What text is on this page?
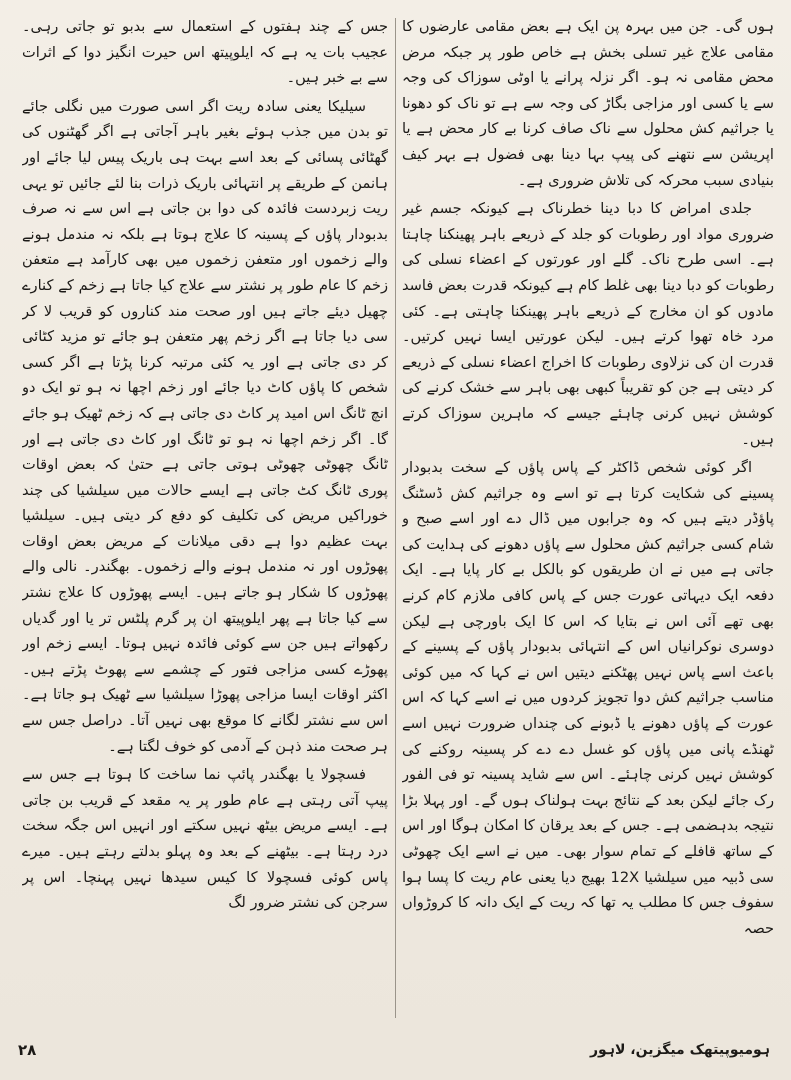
ہوں گی۔ جن میں بہرہ پن ایک ہے بعض مقامی عارضوں کا مقامی علاج غیر تسلی بخش ہے خاص طور پر جبکہ مرض محض مقامی نہ ہو۔ اگر نزلہ پرانے یا اوٹی سوزاک کی وجہ سے یا کسی اور مزاجی بگاڑ کی وجہ سے ہے تو ناک کو دھونا یا جراثیم کش محلول سے ناک صاف کرنا بے کار محض ہے یا اپریشن سے نتھنے کی پیپ بہا دینا بھی فضول ہے بہر کیف بنیادی سبب محرکہ کی تلاش ضروری ہے۔

جلدی امراض کا دبا دینا خطرناک ہے کیونکہ جسم غیر ضروری مواد اور رطوبات کو جلد کے ذریعے باہر پھینکنا چاہتا ہے۔ اسی طرح ناک۔ گلے اور عورتوں کے اعضاء نسلی کی رطوبات کو دبا دینا بھی غلط کام ہے کیونکہ قدرت بعض فاسد مادوں کو ان مخارج کے ذریعے باہر پھینکنا چاہتی ہے۔ کئی مرد خاہ تھوا کرتے ہیں۔ لیکن عورتیں ایسا نہیں کرتیں۔ قدرت ان کی نزلاوی رطوبات کا اخراج اعضاء نسلی کے ذریعے کر دیتی ہے جن کو تقریباً کبھی بھی باہر سے خشک کرنے کی کوشش نہیں کرنی چاہئے جیسے کہ ماہرین سوزاک کرتے ہیں۔

اگر کوئی شخص ڈاکٹر کے پاس پاؤں کے سخت بدبودار پسینے کی شکایت کرتا ہے تو اسے وہ جراثیم کش ڈسٹنگ پاؤڈر دیتے ہیں کہ وہ جرابوں میں ڈال دے اور اسے صبح و شام کسی جراثیم کش محلول سے پاؤں دھونے کی ہدایت کی جاتی ہے میں نے ان طریقوں کو بالکل بے کار پایا ہے۔ ایک دفعہ ایک دیہاتی عورت جس کے پاس کافی ملازم کام کرنے بھی تھے آئی اس نے بتایا کہ اس کا ایک باورچی ہے لیکن دوسری نوکرانیاں اس کے انتہائی بدبودار پاؤں کے پسینے کے باعث اسے پاس نہیں پھٹکنے دیتیں اس نے کہا کہ میں کوئی مناسب جراثیم کش دوا تجویز کردوں میں نے اسے کہا کہ اس عورت کے پاؤں دھونے یا ڈبونے کی چنداں ضرورت نہیں اسے ٹھنڈے پانی میں پاؤں کو غسل دے دے کر پسینہ روکنے کی کوشش نہیں کرنی چاہئے۔ اس سے شاید پسینہ تو فی الفور رک جائے لیکن بعد کے نتائج بہت ہولناک ہوں گے۔ اور پہلا بڑا نتیجہ بدہضمی ہے۔ جس کے بعد یرقان کا امکان ہوگا اور اس کے ساتھ قافلے کے تمام سوار بھی۔ میں نے اسے ایک چھوٹی سی ڈبیہ میں سیلشیا 12X بھیج دیا یعنی عام ریت کا پسا ہوا سفوف جس کا مطلب یہ تھا کہ ریت کے ایک دانہ کا کروڑواں حصہ

جس کے چند ہفتوں کے استعمال سے بدبو تو جاتی رہی۔ عجیب بات یہ ہے کہ ایلوپیتھ اس حیرت انگیز دوا کے اثرات سے بے خبر ہیں۔

سیلیکا یعنی سادہ ریت اگر اسی صورت میں نگلی جائے تو بدن میں جذب ہوئے بغیر باہر آجاتی ہے اگر گھٹنوں کی گھٹائی پسائی کے بعد اسے بہت ہی باریک پیس لیا جائے اور ہانمن کے طریقے پر انتہائی باریک ذرات بنا لئے جائیں تو یہی ریت زبردست فائدہ کی دوا بن جاتی ہے اس سے نہ صرف بدبودار پاؤں کے پسینہ کا علاج ہوتا ہے بلکہ نہ مندمل ہونے والے زخموں اور متعفن زخموں میں بھی کارآمد ہے متعفن زخم کا عام طور پر نشتر سے علاج کیا جاتا ہے زخم کے کنارے چھیل دیئے جاتے ہیں اور صحت مند کناروں کو قریب لا کر سی دیا جاتا ہے اگر زخم پھر متعفن ہو جائے تو مزید کٹائی کر دی جاتی ہے اور یہ کئی مرتبہ کرنا پڑتا ہے اگر کسی شخص کا پاؤں کاٹ دیا جائے اور زخم اچھا نہ ہو تو ایک دو انچ ٹانگ اس امید پر کاٹ دی جاتی ہے کہ زخم ٹھیک ہو جائے گا۔ اگر زخم اچھا نہ ہو تو ٹانگ اور کاٹ دی جاتی ہے اور ٹانگ چھوٹی چھوٹی ہوتی جاتی ہے حتیٰ کہ بعض اوقات پوری ٹانگ کٹ جاتی ہے ایسے حالات میں سیلشیا کی چند خوراکیں مریض کی تکلیف کو دفع کر دیتی ہیں۔ سیلشیا بہت عظیم دوا ہے دقی میلانات کے مریض بعض اوقات پھوڑوں اور نہ مندمل ہونے والے زخموں۔ بھگندر۔ نالی والے پھوڑوں کا شکار ہو جاتے ہیں۔ ایسے پھوڑوں کا علاج نشتر سے کیا جاتا ہے پھر ایلوپیتھ ان پر گرم پلٹس تر یا اور گدیاں رکھواتے ہیں جن سے کوئی فائدہ نہیں ہوتا۔ ایسے زخم اور پھوڑے کسی مزاجی فتور کے چشمے سے پھوٹ پڑتے ہیں۔ اکثر اوقات ایسا مزاجی پھوڑا سیلشیا سے ٹھیک ہو جاتا ہے۔ اس سے نشتر لگانے کا موقع بھی نہیں آتا۔ دراصل جس سے ہر صحت مند ذہن کے آدمی کو خوف لگتا ہے۔

فسچولا یا بھگندر پائپ نما ساخت کا ہوتا ہے جس سے پیپ آتی رہتی ہے عام طور پر یہ مقعد کے قریب بن جاتی ہے۔ ایسے مریض بیٹھ نہیں سکتے اور انہیں اس جگہ سخت درد رہتا ہے۔ بیٹھنے کے بعد وہ پہلو بدلتے رہتے ہیں۔ میرے پاس کوئی فسچولا کا کیس سیدھا نہیں پہنچا۔ اس پر سرجن کی نشتر ضرور لگ

ہومیوپیتھک میگزین، لاہور
۲۸
